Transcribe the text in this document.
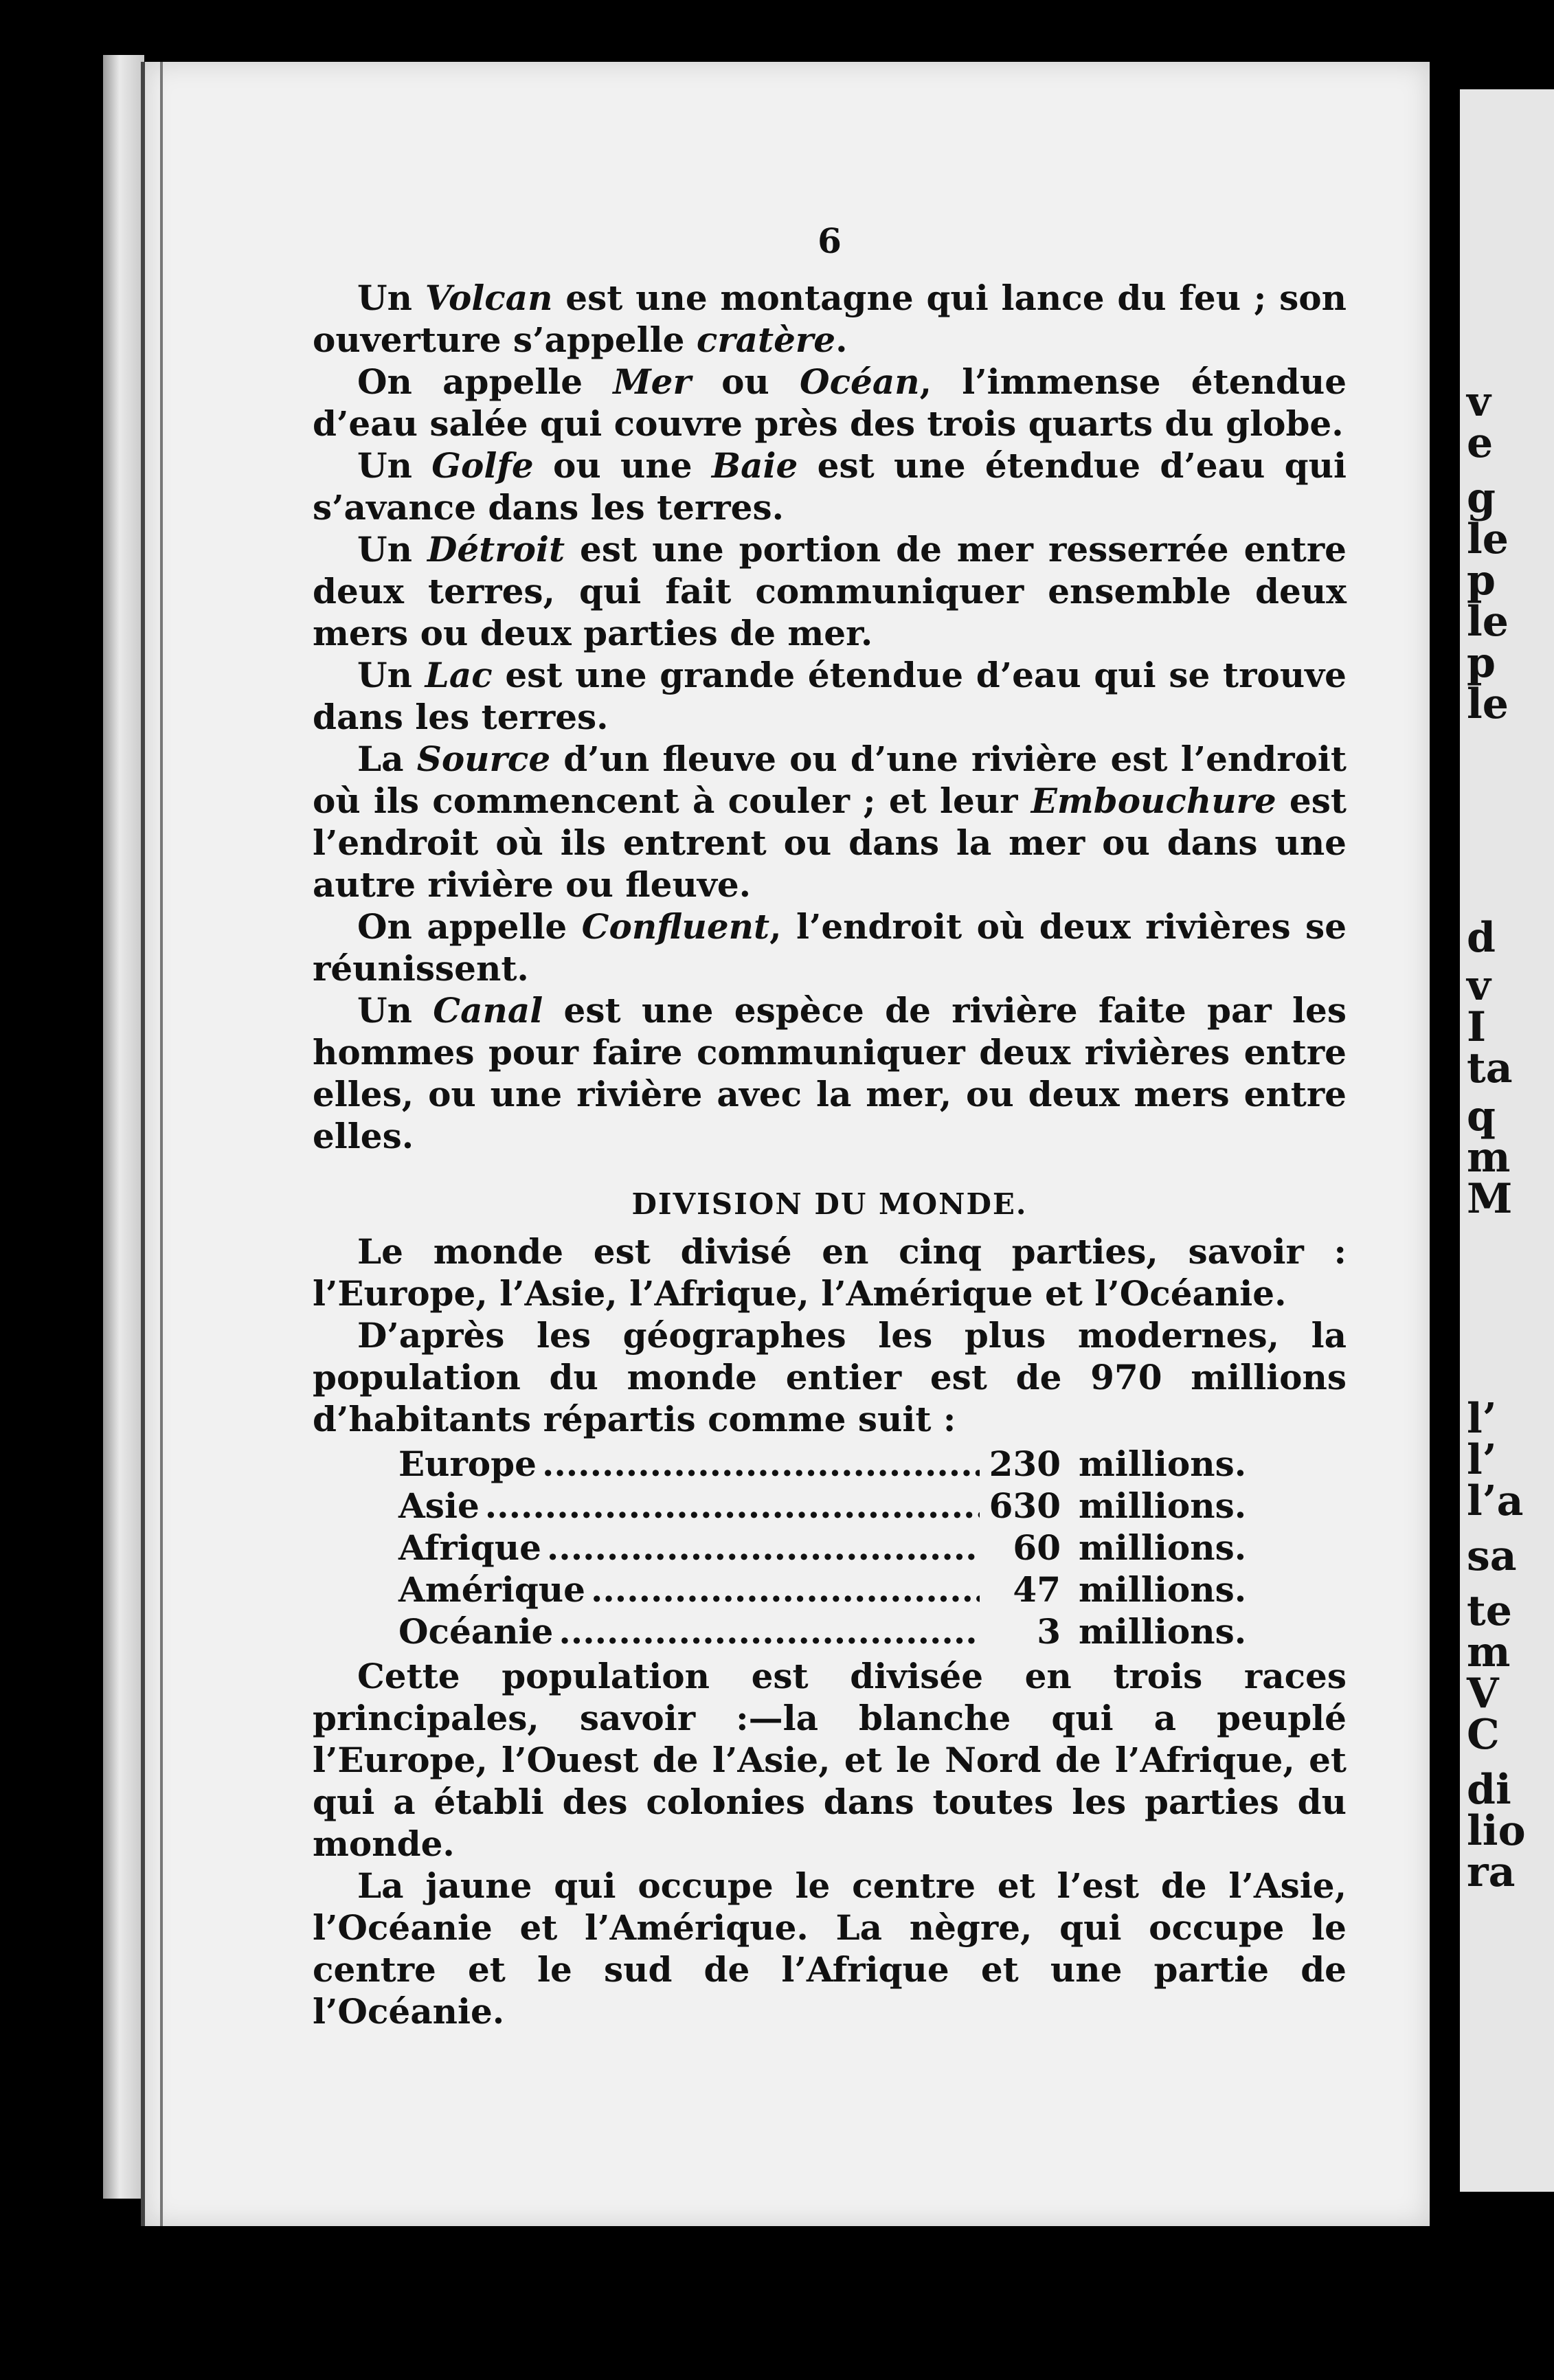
v
e
g
le
p
le
p
le
d
v
I
ta
q
m
M
l’
l’
l’a
sa
te
m
V
C
di
lio
ra
6

Un Volcan est une montagne qui lance du feu ; son ouverture s’appelle cratère.

On appelle Mer ou Océan, l’immense étendue d’eau salée qui couvre près des trois quarts du globe.

Un Golfe ou une Baie est une étendue d’eau qui s’avance dans les terres.

Un Détroit est une portion de mer resserrée entre deux terres, qui fait communiquer ensemble deux mers ou deux parties de mer.

Un Lac est une grande étendue d’eau qui se trouve dans les terres.

La Source d’un fleuve ou d’une rivière est l’endroit où ils commencent à couler ; et leur Embouchure est l’endroit où ils entrent ou dans la mer ou dans une autre rivière ou fleuve.

On appelle Confluent, l’endroit où deux rivières se réunissent.

Un Canal est une espèce de rivière faite par les hommes pour faire communiquer deux rivières entre elles, ou une rivière avec la mer, ou deux mers entre elles.

DIVISION DU MONDE.

Le monde est divisé en cinq parties, savoir : l’Europe, l’Asie, l’Afrique, l’Amérique et l’Océanie.

D’après les géographes les plus modernes, la population du monde entier est de 970 millions d’habitants répartis comme suit :

Europe .....	230 millions.
Asie .....	630 millions.
Afrique .....	60 millions.
Amérique .....	47 millions.
Océanie .....	3 millions.

Cette population est divisée en trois races principales, savoir :—la blanche qui a peuplé l’Europe, l’Ouest de l’Asie, et le Nord de l’Afrique, et qui a établi des colonies dans toutes les parties du monde.

La jaune qui occupe le centre et l’est de l’Asie, l’Océanie et l’Amérique. La nègre, qui occupe le centre et le sud de l’Afrique et une partie de l’Océanie.
